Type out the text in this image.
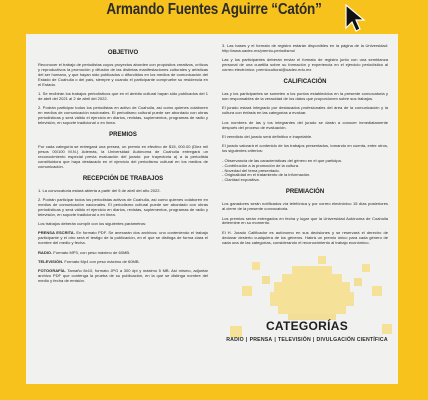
Armando Fuentes Aguirre “Catón”
OBJETIVO

Reconocer el trabajo de periodistas cuyos proyectos aborden con propósitos creativos, críticos y reproductivos la promoción y difusión de las distintas manifestaciones culturales y artísticas del ser humano, y que hayan sido publicados o difundidos en los medios de comunicación del Estado de Coahuila o del país, siempre y cuando el participante compruebe su residencia en el Estado.

1. Se recibirán los trabajos periodísticos que en el ámbito cultural hayan sido publicados del 1 de abril del 2021 al 2 de abril del 2022.

2. Podrán participar todos los periodistas en activo de Coahuila, así como quienes colaboren en medios de comunicación nacionales. El periodismo cultural puede ser abordado con obras periodísticas y será válido el ejercicio en diarios, revistas, suplementos, programas de radio y televisión, en soporte tradicional o en línea.

PREMIOS

Por cada categoría se entregará una presea, un premio en efectivo de $15, 000.00 (Diez mil pesos 00/100 M.N.) Además, la Universidad Autónoma de Coahuila entregará un reconocimiento especial previa evaluación del jurado: por trayectoria a) a la periodista constituidora que haya destacado en el ejercicio del periodismo cultural en los medios de comunicación.

RECEPCIÓN DE TRABAJOS

1. La convocatoria estará abierta a partir del 5 de abril del año 2022.

2. Podrán participar todos los periodistas activos de Coahuila, así como quienes colaboren en medios de comunicación nacionales. El periodismo cultural puede ser abordado con obras periodísticas y será válido el ejercicio en diarios, revistas, suplementos, programas de radio y televisión, en soporte tradicional o en línea.

Los trabajos deberán cumplir con los siguientes parámetros:

PRENSA ESCRITA. En formato PDF. Se anexarán dos archivos: uno conteniendo el trabajo participante y el otro será el testigo de la publicación, en el que se distinga de forma clara el nombre del medio y fecha.

RADIO. Formato MP3, con peso máximo de 60MB.

TELEVISIÓN. Formato Mp4 con peso máximo de 60MB.

FOTOGRAFÍA. Tamaño 8x10, formato JPG a 300 dpi y máximo 5 MB. Así mismo, adjuntar archivo PDF que contenga la prueba de su publicación, en la que se distinga nombre del medio y fecha de emisión.

3. Las bases y el formato de registro estarán disponibles en la página de la Universidad: http://www.uadec.mx/premio-periodismo/

Las y los participantes deberán enviar el formato de registro junto con una semblanza personal de una cuartilla sobre su formación y experiencia en el ejercicio periodístico al correo electrónico: premiocultural@uadec.edu.mx

CALIFICACIÓN

Las y los participantes se someten a los puntos establecidos en la presente convocatoria y son responsables de la veracidad de los datos que proporcionen sobre sus trabajos.

El jurado estará integrado por destacados profesionales del área de la comunicación y la cultura con énfasis en las categorías a evaluar.

Los nombres de las y los integrantes del jurado se darán a conocer inmediatamente después del proceso de evaluación.

El veredicto del jurado será definitivo e inapelable.

El jurado valorará el contenido de los trabajos presentados, tomando en cuenta, entre otros, los siguientes criterios:

- Observancia de las características del género en el que participa.
- Contribución a la promoción de la cultura.
- Novedad del tema presentado.
- Originalidad en el tratamiento de la información.
- Claridad expositiva.
PREMIACIÓN

Los ganadores serán notificados vía telefónica y por correo electrónico 15 días posteriores al cierre de la presente convocatoria.

Los premios serán entregados en fecha y lugar que la Universidad Autónoma de Coahuila determine en su momento.

El H. Jurado Calificador es autónomo en sus decisiones y se reservará el derecho de declarar desierto cualquiera de los géneros. Habrá un premio único para cada género de cada una de las categorías, considerando el reconocimiento al trabajo económico.

CATEGORÍAS
RADIO | PRENSA | TELEVISIÓN | DIVULGACIÓN CIENTÍFICA
